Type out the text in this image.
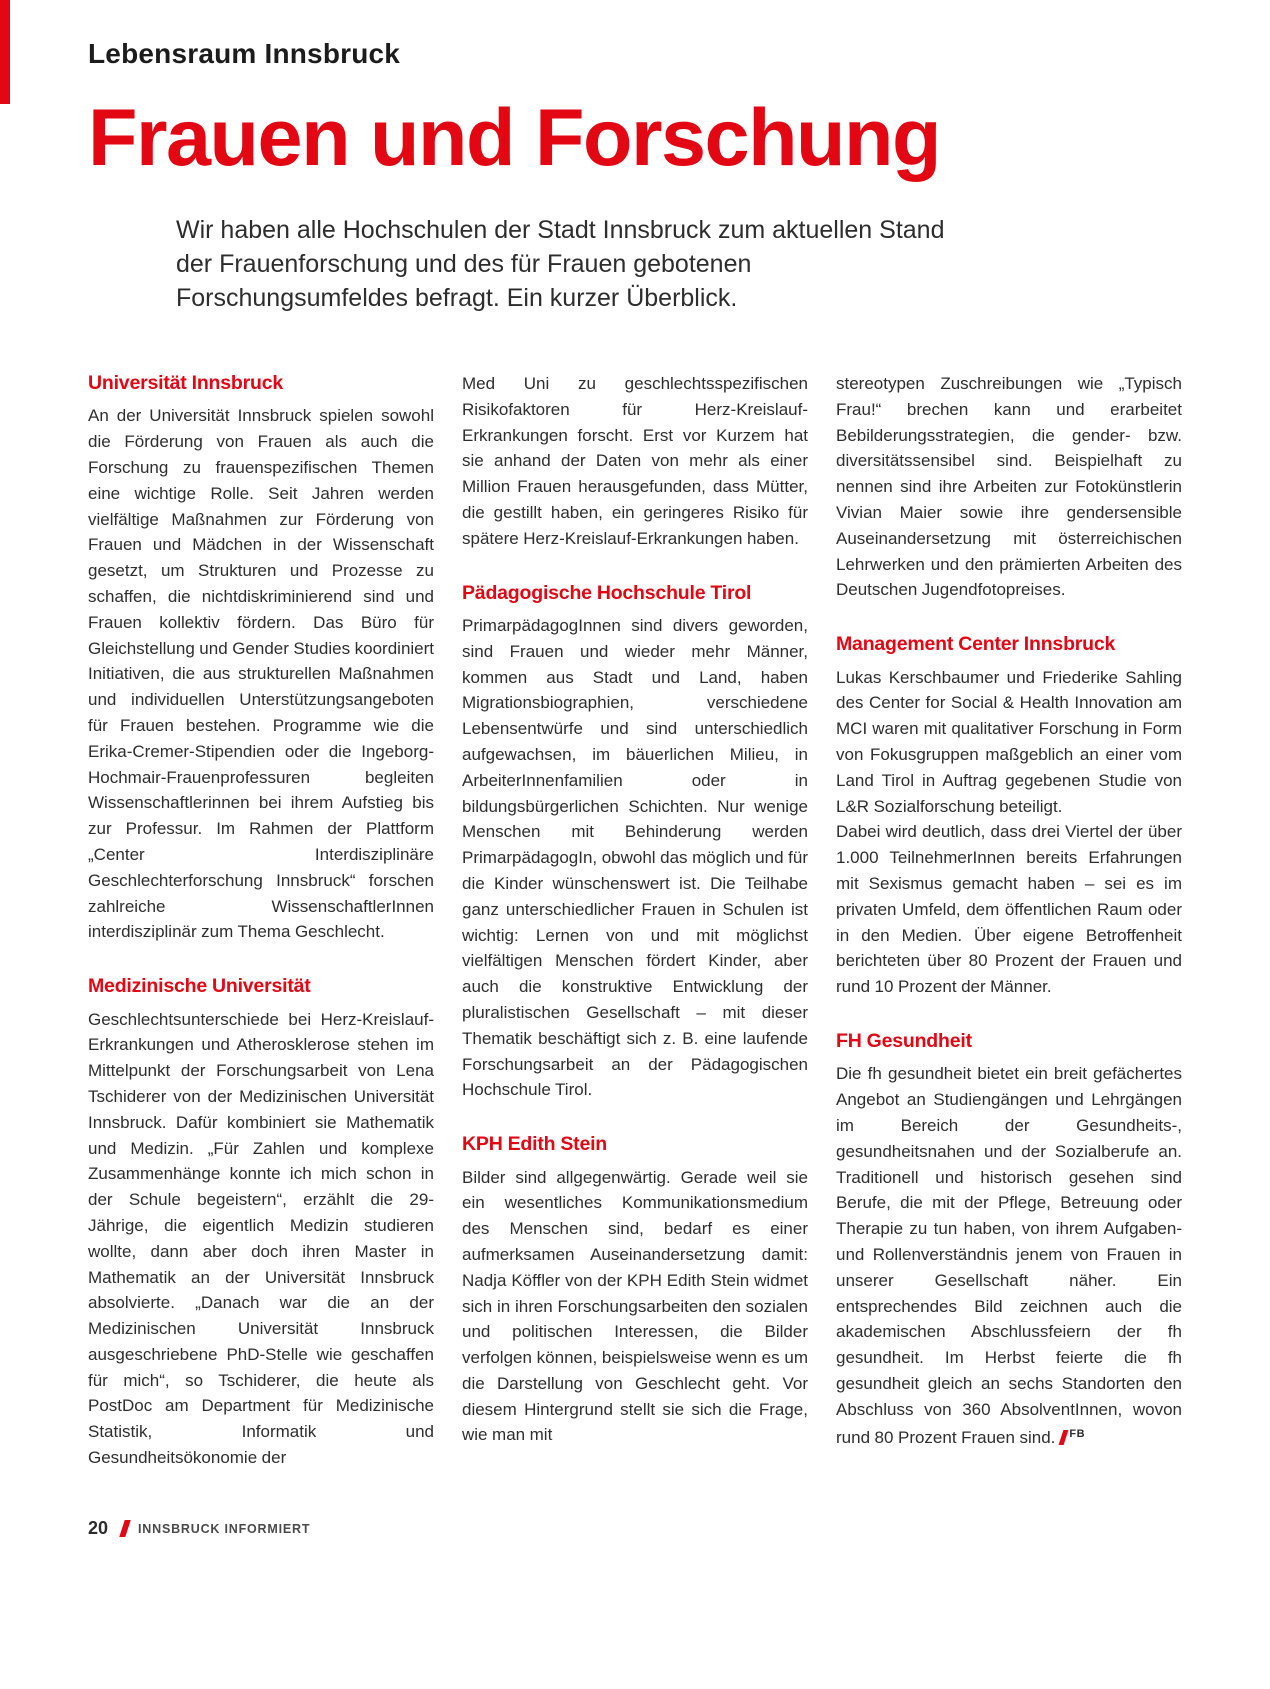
Lebensraum Innsbruck
Frauen und Forschung

Wir haben alle Hochschulen der Stadt Innsbruck zum aktuellen Stand der Frauenforschung und des für Frauen gebotenen Forschungsumfeldes befragt. Ein kurzer Überblick.

Universität Innsbruck

An der Universität Innsbruck spielen sowohl die Förderung von Frauen als auch die Forschung zu frauenspezifischen Themen eine wichtige Rolle. Seit Jahren werden vielfältige Maßnahmen zur Förderung von Frauen und Mädchen in der Wissenschaft gesetzt, um Strukturen und Prozesse zu schaffen, die nichtdiskriminierend sind und Frauen kollektiv fördern. Das Büro für Gleichstellung und Gender Studies koordiniert Initiativen, die aus strukturellen Maßnahmen und individuellen Unterstützungsangeboten für Frauen bestehen. Programme wie die Erika-Cremer-Stipendien oder die Ingeborg-Hochmair-Frauenprofessuren begleiten Wissenschaftlerinnen bei ihrem Aufstieg bis zur Professur. Im Rahmen der Plattform „Center Interdisziplinäre Geschlechterforschung Innsbruck“ forschen zahlreiche WissenschaftlerInnen interdisziplinär zum Thema Geschlecht.

Medizinische Universität

Geschlechtsunterschiede bei Herz-Kreislauf-Erkrankungen und Atherosklerose stehen im Mittelpunkt der Forschungsarbeit von Lena Tschiderer von der Medizinischen Universität Innsbruck. Dafür kombiniert sie Mathematik und Medizin. „Für Zahlen und komplexe Zusammenhänge konnte ich mich schon in der Schule begeistern“, erzählt die 29-Jährige, die eigentlich Medizin studieren wollte, dann aber doch ihren Master in Mathematik an der Universität Innsbruck absolvierte. „Danach war die an der Medizinischen Universität Innsbruck ausgeschriebene PhD-Stelle wie geschaffen für mich“, so Tschiderer, die heute als PostDoc am Department für Medizinische Statistik, Informatik und Gesundheitsökonomie der

Med Uni zu geschlechtsspezifischen Risikofaktoren für Herz-Kreislauf-Erkrankungen forscht. Erst vor Kurzem hat sie anhand der Daten von mehr als einer Million Frauen herausgefunden, dass Mütter, die gestillt haben, ein geringeres Risiko für spätere Herz-Kreislauf-Erkrankungen haben.

Pädagogische Hochschule Tirol

PrimarpädagogInnen sind divers geworden, sind Frauen und wieder mehr Männer, kommen aus Stadt und Land, haben Migrationsbiographien, verschiedene Lebensentwürfe und sind unterschiedlich aufgewachsen, im bäuerlichen Milieu, in ArbeiterInnenfamilien oder in bildungsbürgerlichen Schichten. Nur wenige Menschen mit Behinderung werden PrimarpädagogIn, obwohl das möglich und für die Kinder wünschenswert ist. Die Teilhabe ganz unterschiedlicher Frauen in Schulen ist wichtig: Lernen von und mit möglichst vielfältigen Menschen fördert Kinder, aber auch die konstruktive Entwicklung der pluralistischen Gesellschaft – mit dieser Thematik beschäftigt sich z. B. eine laufende Forschungsarbeit an der Pädagogischen Hochschule Tirol.

KPH Edith Stein

Bilder sind allgegenwärtig. Gerade weil sie ein wesentliches Kommunikationsmedium des Menschen sind, bedarf es einer aufmerksamen Auseinandersetzung damit: Nadja Köffler von der KPH Edith Stein widmet sich in ihren Forschungsarbeiten den sozialen und politischen Interessen, die Bilder verfolgen können, beispielsweise wenn es um die Darstellung von Geschlecht geht. Vor diesem Hintergrund stellt sie sich die Frage, wie man mit

stereotypen Zuschreibungen wie „Typisch Frau!“ brechen kann und erarbeitet Bebilderungsstrategien, die gender- bzw. diversitätssensibel sind. Beispielhaft zu nennen sind ihre Arbeiten zur Fotokünstlerin Vivian Maier sowie ihre gendersensible Auseinandersetzung mit österreichischen Lehrwerken und den prämierten Arbeiten des Deutschen Jugendfotopreises.

Management Center Innsbruck

Lukas Kerschbaumer und Friederike Sahling des Center for Social & Health Innovation am MCI waren mit qualitativer Forschung in Form von Fokusgruppen maßgeblich an einer vom Land Tirol in Auftrag gegebenen Studie von L&R Sozialforschung beteiligt.

Dabei wird deutlich, dass drei Viertel der über 1.000 TeilnehmerInnen bereits Erfahrungen mit Sexismus gemacht haben – sei es im privaten Umfeld, dem öffentlichen Raum oder in den Medien. Über eigene Betroffenheit berichteten über 80 Prozent der Frauen und rund 10 Prozent der Männer.

FH Gesundheit

Die fh gesundheit bietet ein breit gefächertes Angebot an Studiengängen und Lehrgängen im Bereich der Gesundheits-, gesundheitsnahen und der Sozialberufe an. Traditionell und historisch gesehen sind Berufe, die mit der Pflege, Betreuung oder Therapie zu tun haben, von ihrem Aufgaben- und Rollenverständnis jenem von Frauen in unserer Gesellschaft näher. Ein entsprechendes Bild zeichnen auch die akademischen Abschlussfeiern der fh gesundheit. Im Herbst feierte die fh gesundheit gleich an sechs Standorten den Abschluss von 360 AbsolventInnen, wovon rund 80 Prozent Frauen sind. $^{FB}$

20 INNSBRUCK INFORMIERT
